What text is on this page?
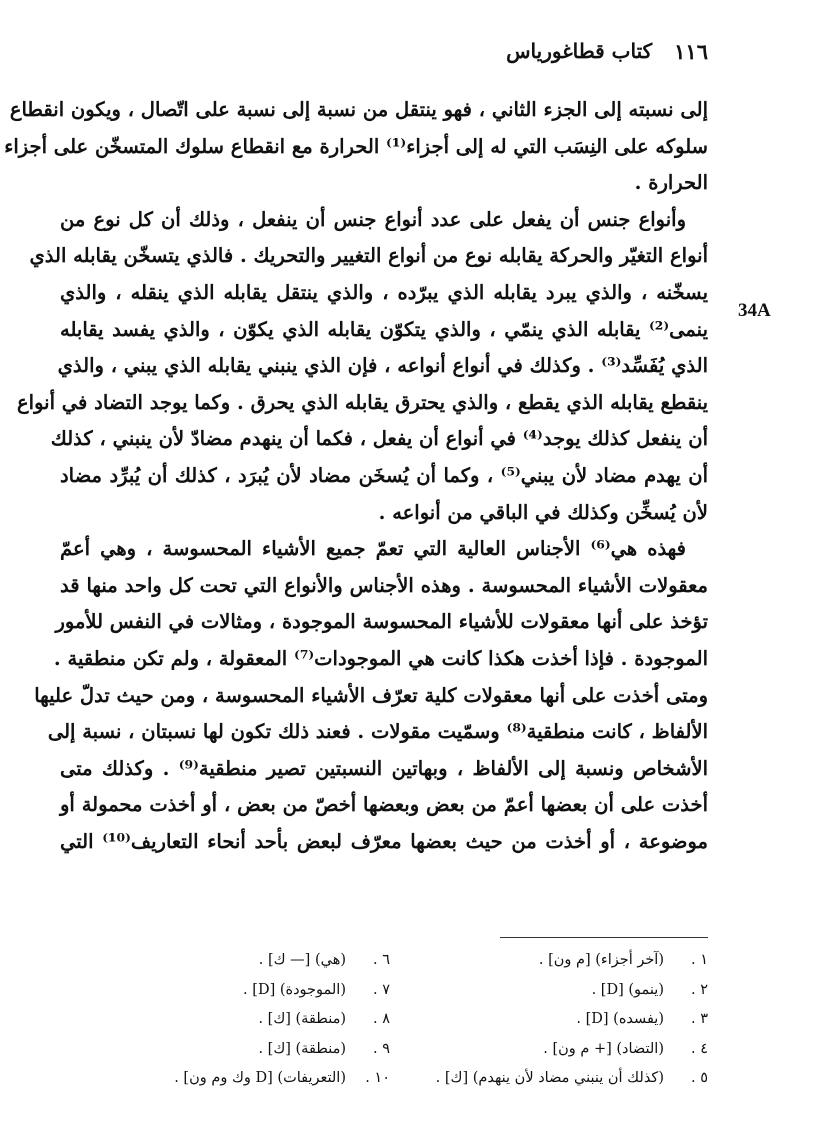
١١٦
كتاب قطاغورياس
34A
إلى نسبته إلى الجزء الثاني ، فهو ينتقل من نسبة إلى نسبة على اتّصال ، ويكون انقطاع
سلوكه على النِسَب التي له إلى أجزاء⁽¹⁾ الحرارة مع انقطاع سلوك المتسخّن على أجزاء
الحرارة .
وأنواع جنس أن يفعل على عدد أنواع جنس أن ينفعل ، وذلك أن كل نوع من
أنواع التغيّر والحركة يقابله نوع من أنواع التغيير والتحريك . فالذي يتسخّن يقابله الذي
يسخّنه ، والذي يبرد يقابله الذي يبرّده ، والذي ينتقل يقابله الذي ينقله ، والذي
ينمى⁽²⁾ يقابله الذي ينمّي ، والذي يتكوّن يقابله الذي يكوّن ، والذي يفسد يقابله
الذي يُفَسِّد⁽³⁾ . وكذلك في أنواع أنواعه ، فإن الذي ينبني يقابله الذي يبني ، والذي
ينقطع يقابله الذي يقطع ، والذي يحترق يقابله الذي يحرق . وكما يوجد التضاد في أنواع
أن ينفعل كذلك يوجد⁽⁴⁾ في أنواع أن يفعل ، فكما أن ينهدم مضادّ لأن ينبني ، كذلك
أن يهدم مضاد لأن يبني⁽⁵⁾ ، وكما أن يُسخَن مضاد لأن يُبرَد ، كذلك أن يُبرِّد مضاد
لأن يُسخِّن وكذلك في الباقي من أنواعه .
فهذه هي⁽⁶⁾ الأجناس العالية التي تعمّ جميع الأشياء المحسوسة ، وهي أعمّ
معقولات الأشياء المحسوسة . وهذه الأجناس والأنواع التي تحت كل واحد منها قد
تؤخذ على أنها معقولات للأشياء المحسوسة الموجودة ، ومثالات في النفس للأمور
الموجودة . فإذا أخذت هكذا كانت هي الموجودات⁽⁷⁾ المعقولة ، ولم تكن منطقية .
ومتى أخذت على أنها معقولات كلية تعرّف الأشياء المحسوسة ، ومن حيث تدلّ عليها
الألفاظ ، كانت منطقية⁽⁸⁾ وسمّيت مقولات . فعند ذلك تكون لها نسبتان ، نسبة إلى
الأشخاص ونسبة إلى الألفاظ ، وبهاتين النسبتين تصير منطقية⁽⁹⁾ . وكذلك متى
أخذت على أن بعضها أعمّ من بعض وبعضها أخصّ من بعض ، أو أخذت محمولة أو
موضوعة ، أو أخذت من حيث بعضها معرّف لبعض بأحد أنحاء التعاريف⁽¹⁰⁾ التي
١ .
(آخر أجزاء) [م ون] .
٢ .
(ينمو) [D] .
٣ .
(يفسده) [D] .
٤ .
(التضاد) [+ م ون] .
٥ .
(كذلك أن ينبني مضاد لأن ينهدم) [ك] .
٦ .
(هي) [— ك] .
٧ .
(الموجودة) [D] .
٨ .
(منطقة) [ك] .
٩ .
(منطقة) [ك] .
١٠ .
(التعريفات) [D وك وم ون] .
